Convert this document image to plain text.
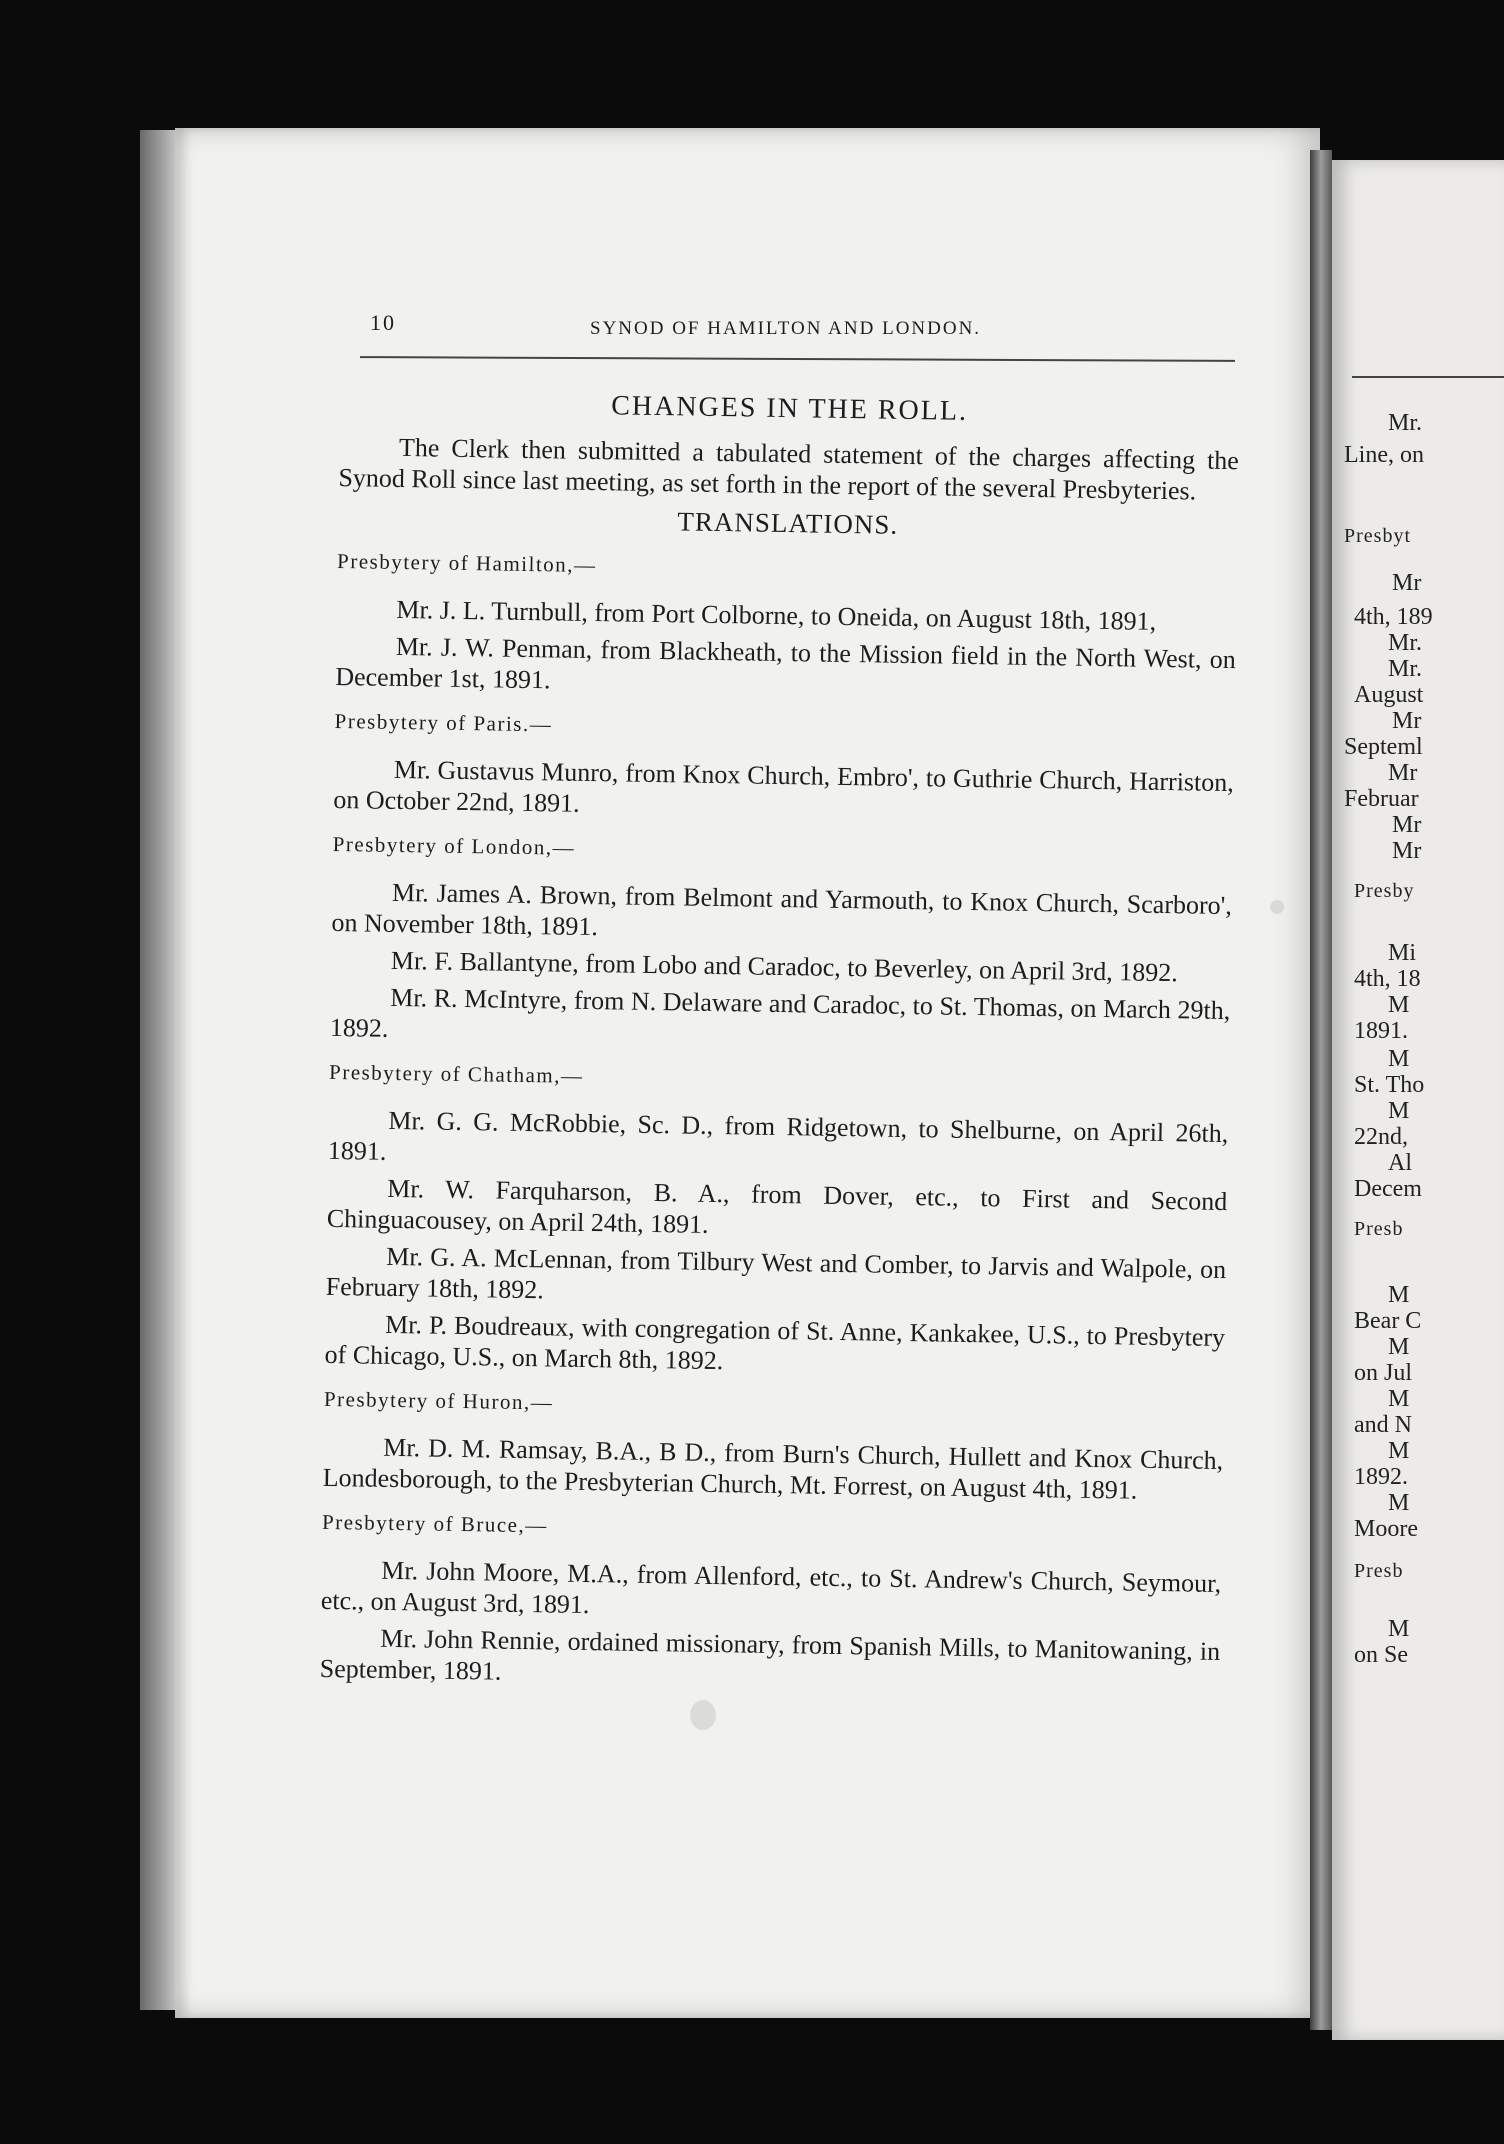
10	SYNOD OF HAMILTON AND LONDON.
CHANGES IN THE ROLL.

The Clerk then submitted a tabulated statement of the charges affecting the Synod Roll since last meeting, as set forth in the report of the several Presbyteries.

TRANSLATIONS.
Presbytery of Hamilton,—

Mr. J. L. Turnbull, from Port Colborne, to Oneida, on August 18th, 1891,

Mr. J. W. Penman, from Blackheath, to the Mission field in the North West, on December 1st, 1891.

Presbytery of Paris.—

Mr. Gustavus Munro, from Knox Church, Embro', to Guthrie Church, Harriston, on October 22nd, 1891.

Presbytery of London,—

Mr. James A. Brown, from Belmont and Yarmouth, to Knox Church, Scarboro', on November 18th, 1891.

Mr. F. Ballantyne, from Lobo and Caradoc, to Beverley, on April 3rd, 1892.

Mr. R. McIntyre, from N. Delaware and Caradoc, to St. Thomas, on March 29th, 1892.

Presbytery of Chatham,—

Mr. G. G. McRobbie, Sc. D., from Ridgetown, to Shelburne, on April 26th, 1891.

Mr. W. Farquharson, B. A., from Dover, etc., to First and Second Chinguacousey, on April 24th, 1891.

Mr. G. A. McLennan, from Tilbury West and Comber, to Jarvis and Walpole, on February 18th, 1892.

Mr. P. Boudreaux, with congregation of St. Anne, Kankakee, U.S., to Presbytery of Chicago, U.S., on March 8th, 1892.

Presbytery of Huron,—

Mr. D. M. Ramsay, B.A., B D., from Burn's Church, Hullett and Knox Church, Londesborough, to the Presbyterian Church, Mt. Forrest, on August 4th, 1891.

Presbytery of Bruce,—

Mr. John Moore, M.A., from Allenford, etc., to St. Andrew's Church, Seymour, etc., on August 3rd, 1891.

Mr. John Rennie, ordained missionary, from Spanish Mills, to Manitowaning, in September, 1891.

Mr.
Line, on
Presbyt
Mr
4th, 189
Mr.
Mr.
August
Mr
Septeml
Mr
Februar
Mr
Mr
Presby
Mi
4th, 18
M
1891.
M
St. Tho
M
22nd,
Al
Decem
Presb
M
Bear C
M
on Jul
M
and N
M
1892.
M
Moore
Presb
M
on Se
